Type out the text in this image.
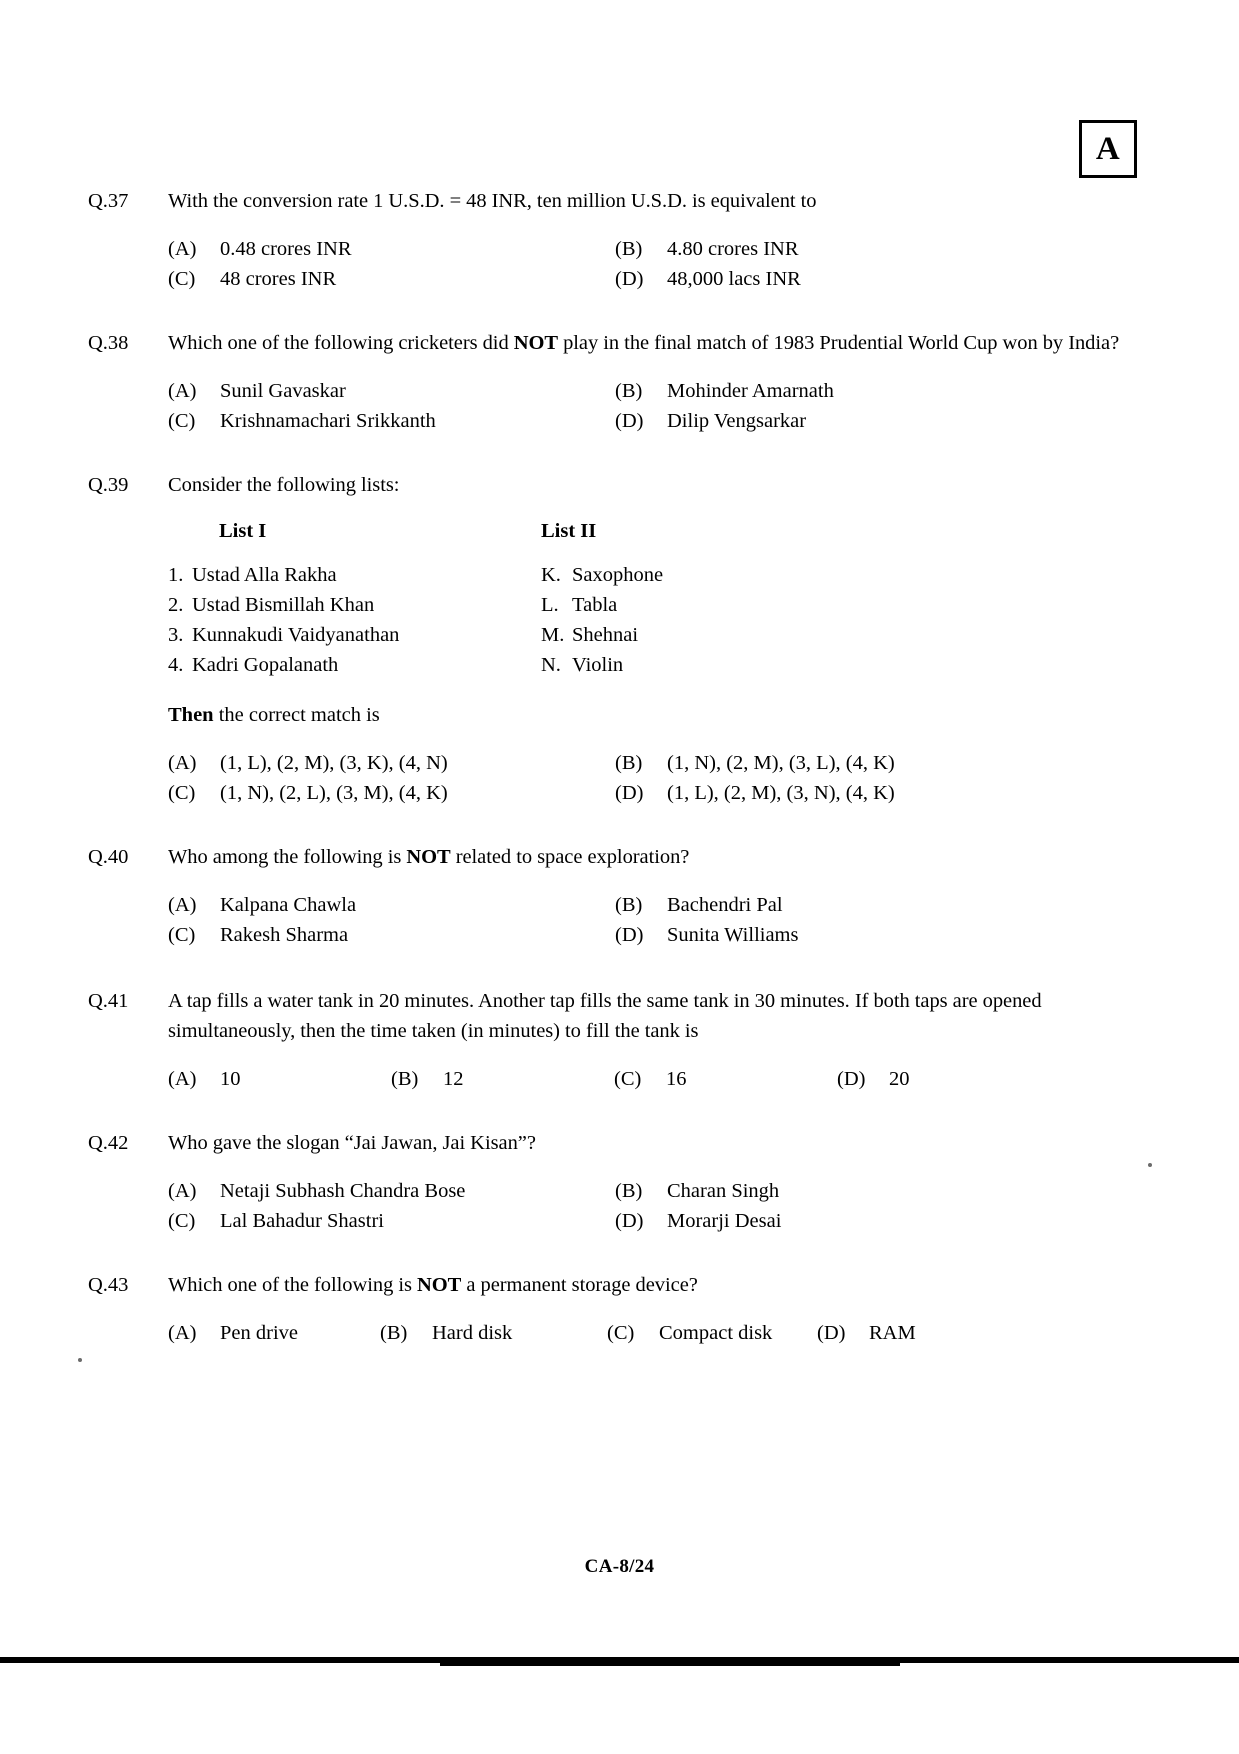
A
Q.37	With the conversion rate 1 U.S.D. = 48 INR, ten million U.S.D. is equivalent to
(A)	0.48 crores INR	(B)	4.80 crores INR
(C)	48 crores INR	(D)	48,000 lacs INR
Q.38	Which one of the following cricketers did NOT play in the final match of 1983 Prudential World Cup won by India?
(A)	Sunil Gavaskar	(B)	Mohinder Amarnath
(C)	Krishnamachari Srikkanth	(D)	Dilip Vengsarkar
Q.39	Consider the following lists:
List I	List II
1. Ustad Alla Rakha	K. Saxophone
2. Ustad Bismillah Khan	L. Tabla
3. Kunnakudi Vaidyanathan	M. Shehnai
4. Kadri Gopalanath	N. Violin
Then the correct match is
(A)	(1, L), (2, M), (3, K), (4, N)	(B)	(1, N), (2, M), (3, L), (4, K)
(C)	(1, N), (2, L), (3, M), (4, K)	(D)	(1, L), (2, M), (3, N), (4, K)
Q.40	Who among the following is NOT related to space exploration?
(A)	Kalpana Chawla	(B)	Bachendri Pal
(C)	Rakesh Sharma	(D)	Sunita Williams
Q.41	A tap fills a water tank in 20 minutes. Another tap fills the same tank in 30 minutes. If both taps are opened simultaneously, then the time taken (in minutes) to fill the tank is
(A)	10	(B)	12	(C)	16	(D)	20
Q.42	Who gave the slogan “Jai Jawan, Jai Kisan”?
(A)	Netaji Subhash Chandra Bose	(B)	Charan Singh
(C)	Lal Bahadur Shastri	(D)	Morarji Desai
Q.43	Which one of the following is NOT a permanent storage device?
(A)	Pen drive	(B)	Hard disk	(C)	Compact disk (D)	RAM
CA-8/24
